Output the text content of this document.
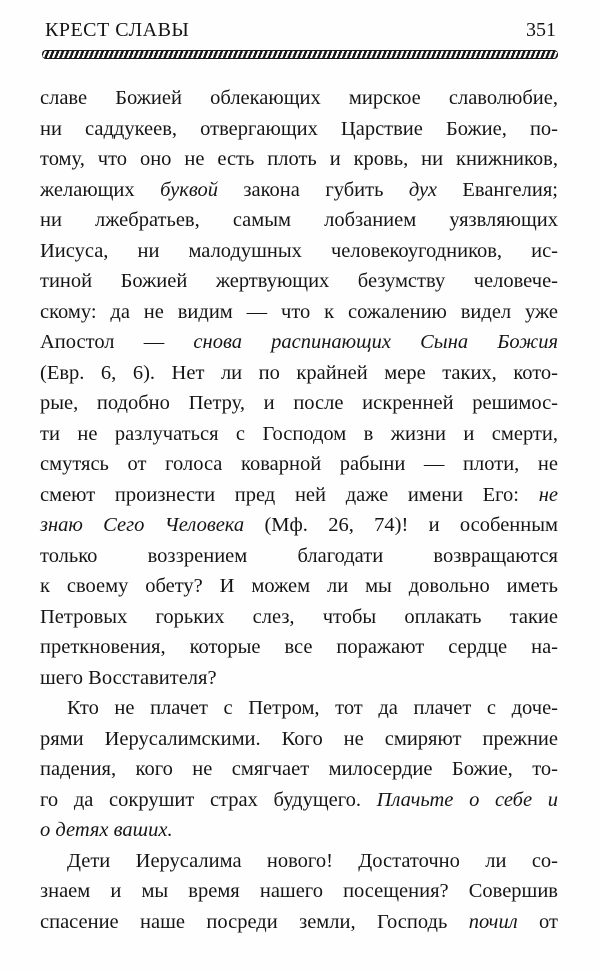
КРЕСТ СЛАВЫ	351
славе Божией облекающих мирское славолюбие,
ни саддукеев, отвергающих Царствие Божие, по-
тому, что оно не есть плоть и кровь, ни книжников,
желающих буквой закона губить дух Евангелия;
ни лжебратьев, самым лобзанием уязвляющих
Иисуса, ни малодушных человекоугодников, ис-
тиной Божией жертвующих безумству человече-
скому: да не видим — что к сожалению видел уже
Апостол — снова распинающих Сына Божия
(Евр. 6, 6). Нет ли по крайней мере таких, кото-
рые, подобно Петру, и после искренней решимос-
ти не разлучаться с Господом в жизни и смерти,
смутясь от голоса коварной рабыни — плоти, не
смеют произнести пред ней даже имени Его: не
знаю Сего Человека (Мф. 26, 74)! и особенным
только воззрением благодати возвращаются
к своему обету? И можем ли мы довольно иметь
Петровых горьких слез, чтобы оплакать такие
преткновения, которые все поражают сердце на-
шего Восставителя?
Кто не плачет с Петром, тот да плачет с доче-
рями Иерусалимскими. Кого не смиряют прежние
падения, кого не смягчает милосердие Божие, то-
го да сокрушит страх будущего. Плачьте о себе и
о детях ваших.
Дети Иерусалима нового! Достаточно ли со-
знаем и мы время нашего посещения? Совершив
спасение наше посреди земли, Господь почил от
